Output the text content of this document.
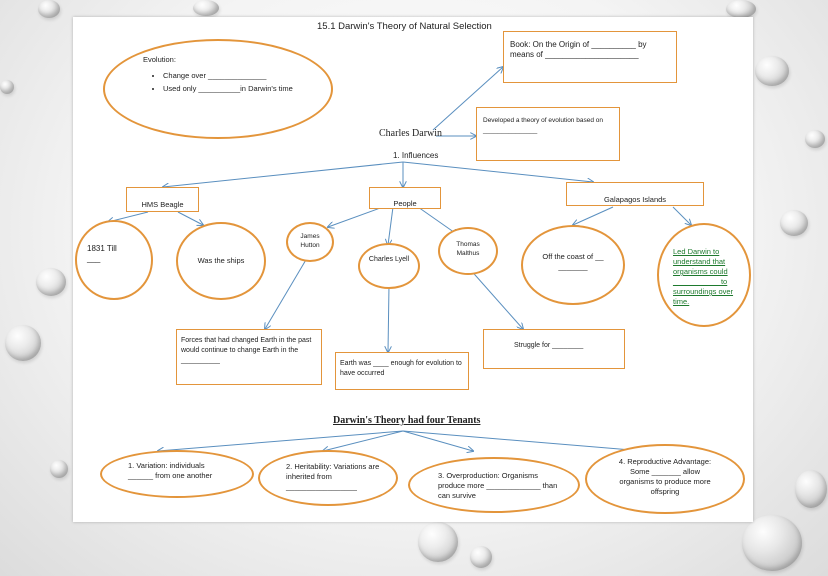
15.1 Darwin's Theory of Natural Selection
Evolution:
• Change over ______________
• Used only __________in Darwin's time
Book: On the Origin of __________ by means of _____________________
Developed a theory of evolution based on _______________
Charles Darwin
1. Influences
HMS Beagle	People	Galapagos Islands
1831 Till ___	Was the ships
James Hutton
Charles Lyell
Thomas Malthus	Off the coast of __ _______
Led Darwin to understand that organisms could ___________ to surroundings over time.
Forces that had changed Earth in the past would continue to change Earth in the __________	Earth was ____ enough for evolution to have occurred
Struggle for ________
Darwin's Theory had four Tenants
1. Variation: individuals ______ from one another
2. Heritability: Variations are inherited from _________________
3. Overproduction: Organisms produce more _____________ than can survive
4. Reproductive Advantage: Some _______ allow organisms to produce more offspring
